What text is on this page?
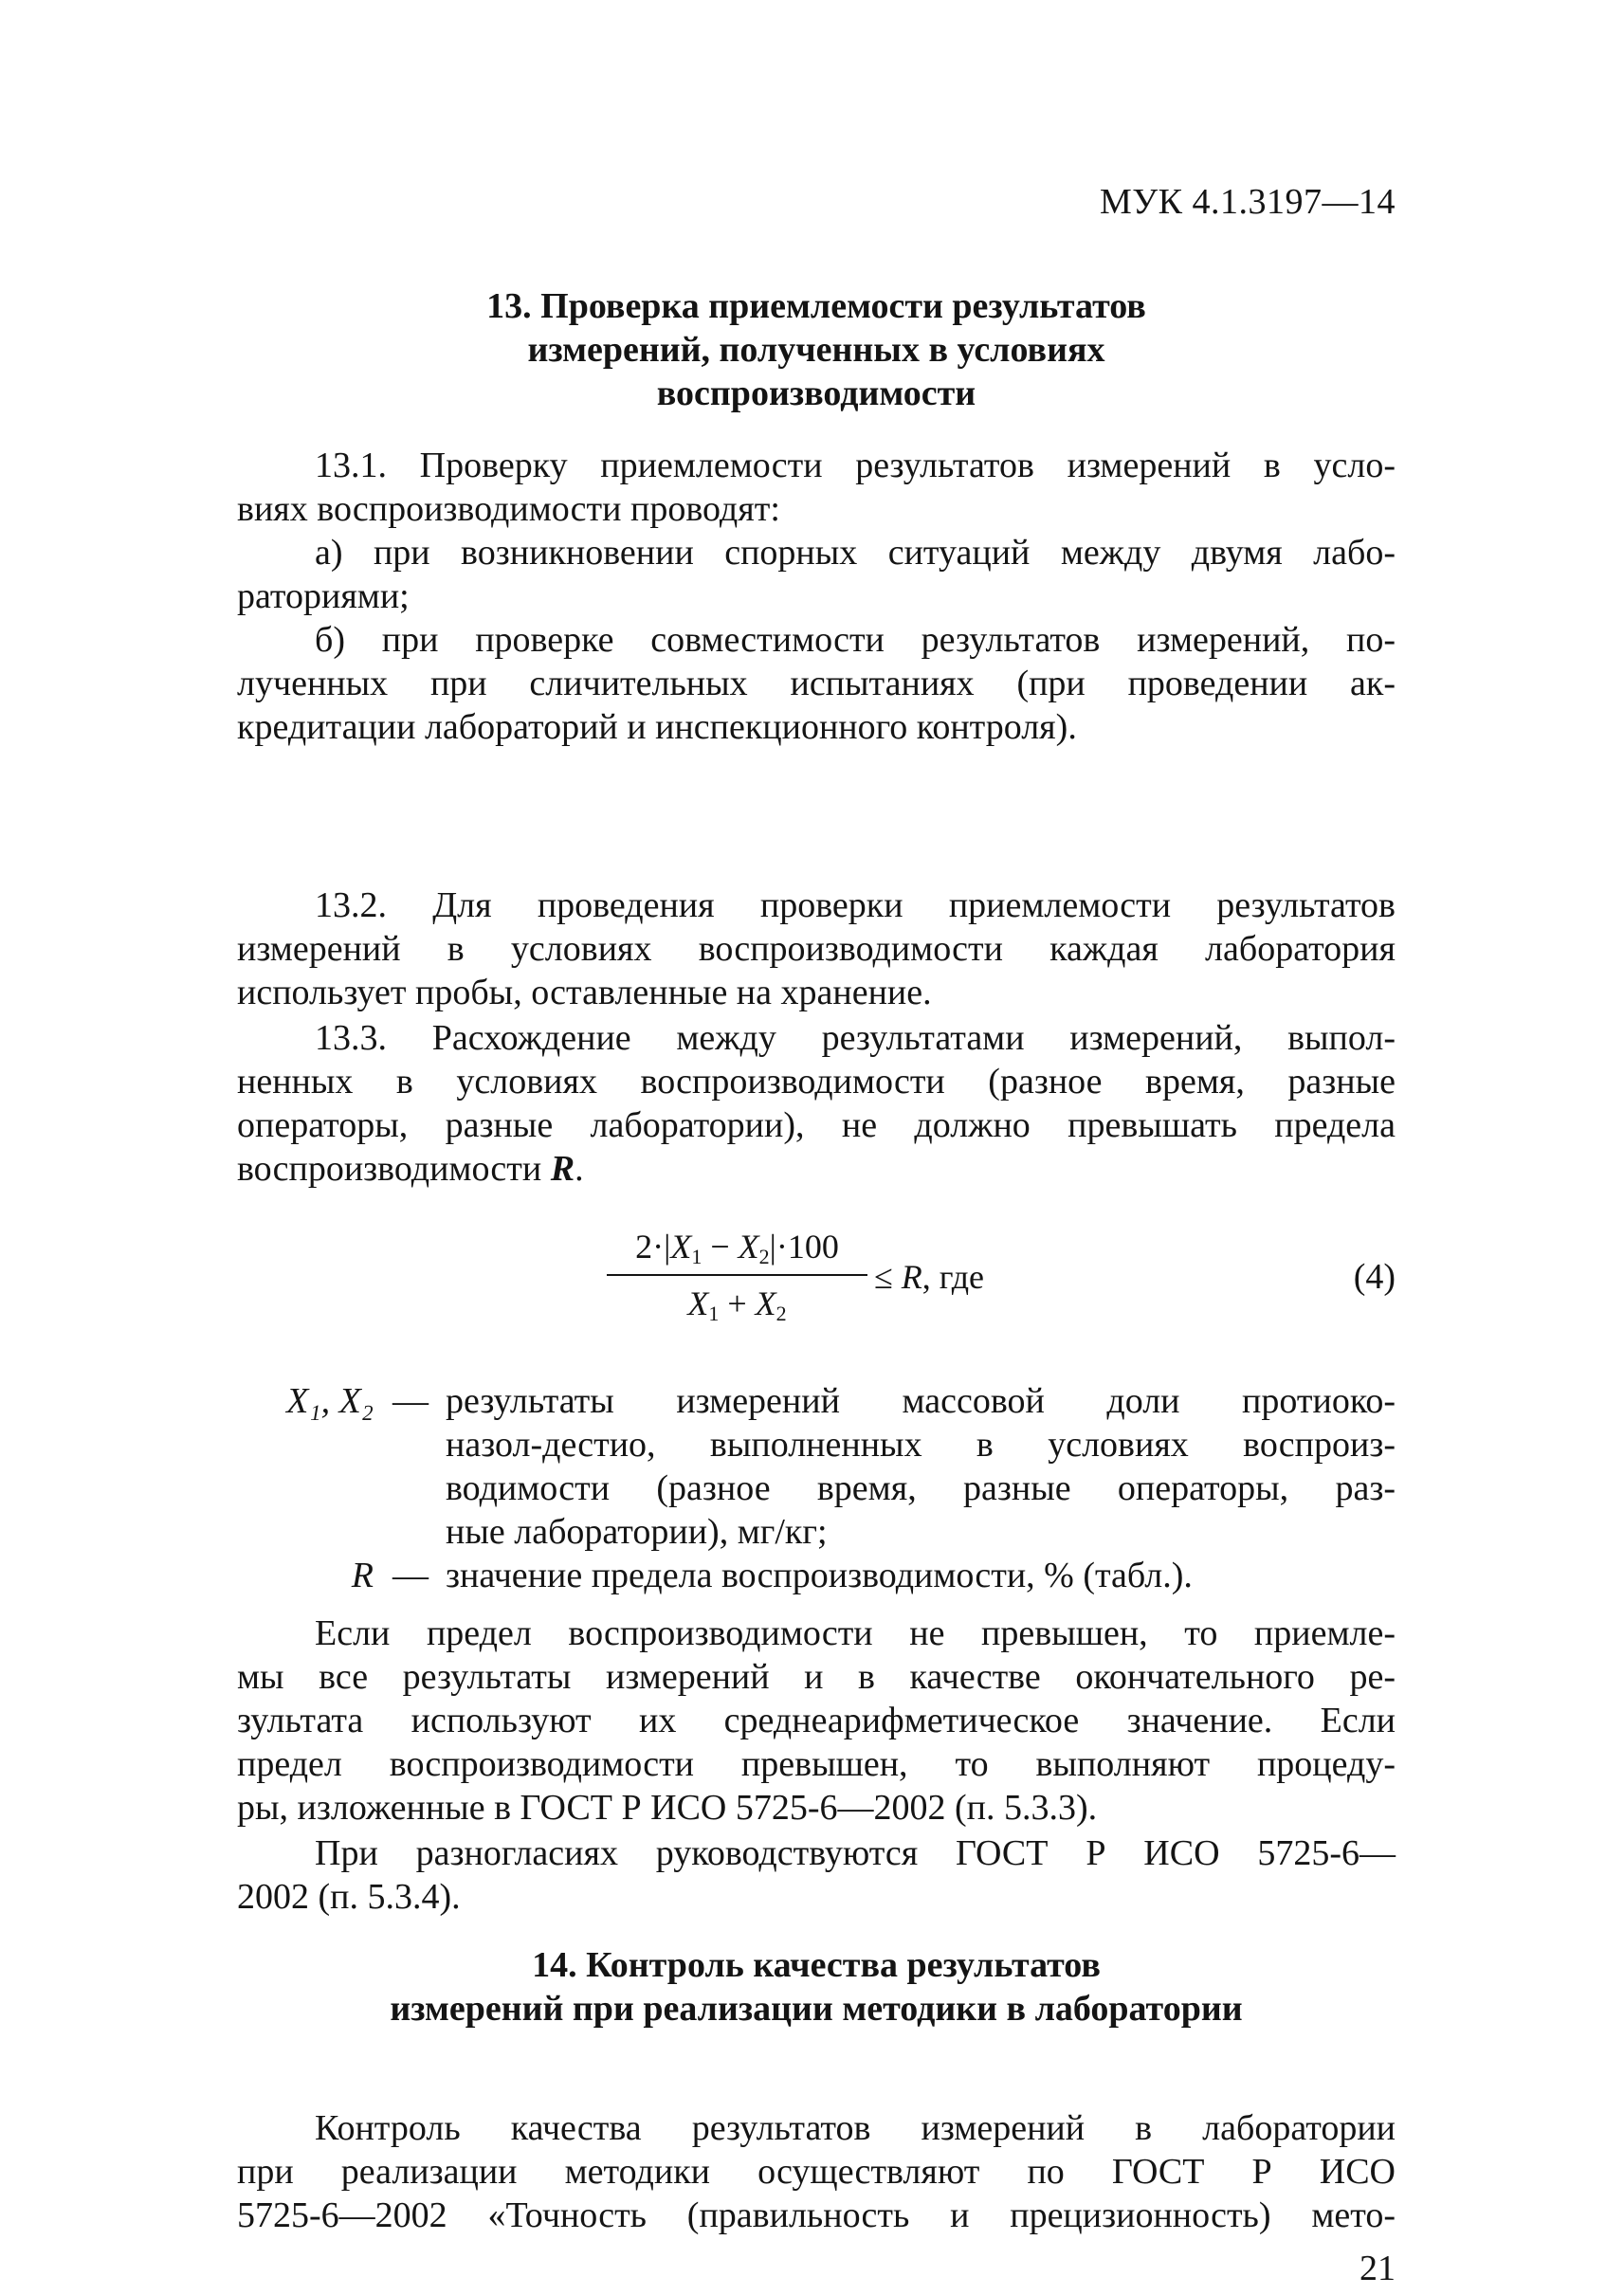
МУК 4.1.3197—14
13. Проверка приемлемости результатов
измерений, полученных в условиях
воспроизводимости
13.1. Проверку приемлемости результатов измерений в усло-
виях воспроизводимости проводят:
а) при возникновении спорных ситуаций между двумя лабо-
раториями;
б) при проверке совместимости результатов измерений, по-
лученных при сличительных испытаниях (при проведении ак-
кредитации лабораторий и инспекционного контроля).
13.2. Для проведения проверки приемлемости результатов
измерений в условиях воспроизводимости каждая лаборатория
использует пробы, оставленные на хранение.
13.3. Расхождение между результатами измерений, выпол-
ненных в условиях воспроизводимости (разное время, разные
операторы, разные лаборатории), не должно превышать предела
воспроизводимости R.
$2\cdot|X_1 - X_2|\cdot 100$
$X_1 + X_2$
≤ R, где	(4)
X₁, X₂ — результаты измерений массовой доли протиоко-
назол-дестио, выполненных в условиях воспроиз-
водимости (разное время, разные операторы, раз-
ные лаборатории), мг/кг;
R — значение предела воспроизводимости, % (табл.).
Если предел воспроизводимости не превышен, то приемле-
мы все результаты измерений и в качестве окончательного ре-
зультата используют их среднеарифметическое значение. Если
предел воспроизводимости превышен, то выполняют процеду-
ры, изложенные в ГОСТ Р ИСО 5725-6—2002 (п. 5.3.3).
При разногласиях руководствуются ГОСТ Р ИСО 5725-6—
2002 (п. 5.3.4).
14. Контроль качества результатов
измерений при реализации методики в лаборатории
Контроль качества результатов измерений в лаборатории
при реализации методики осуществляют по ГОСТ Р ИСО
5725-6—2002 «Точность (правильность и прецизионность) мето-
21
